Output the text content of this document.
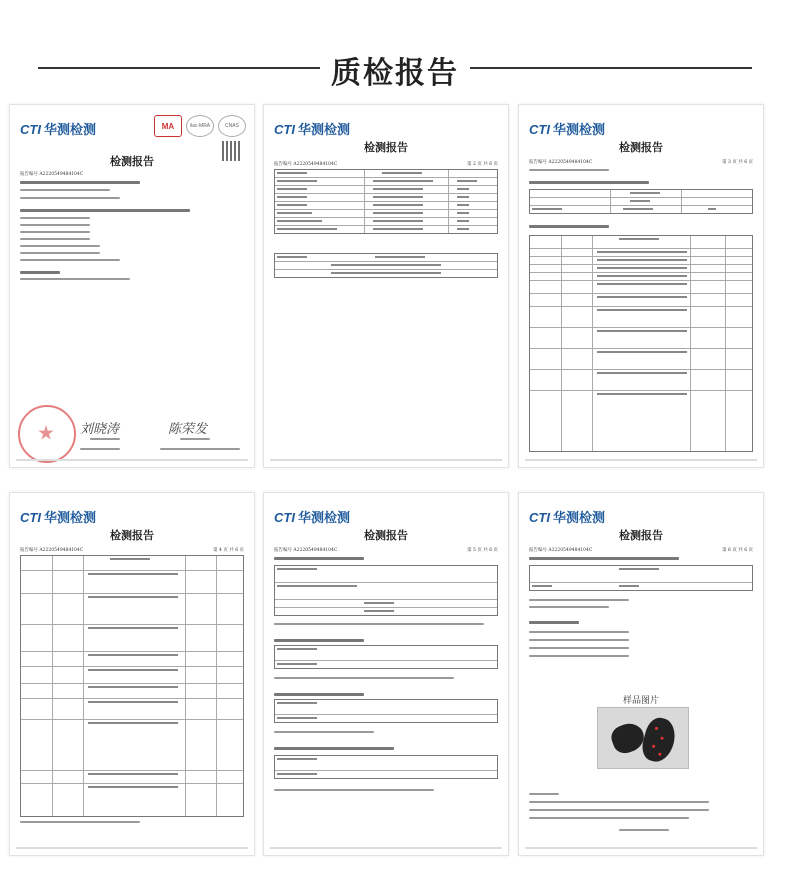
质检报告
CTI 华测检测	MA	ilac-MRA	CNAS
检测报告
报告编号 A2220549484104C
刘晓涛	陈荣发
CTI 华测检测
检测报告
报告编号 A2220549484104C	第 2 页 共 6 页
CTI 华测检测
检测报告
报告编号 A2220549484104C	第 3 页 共 6 页
CTI 华测检测
检测报告
报告编号 A2220549484104C	第 4 页 共 6 页
CTI 华测检测
检测报告
报告编号 A2220549484104C	第 5 页 共 6 页
CTI 华测检测
检测报告
报告编号 A2220549484104C	第 6 页 共 6 页
样品图片
